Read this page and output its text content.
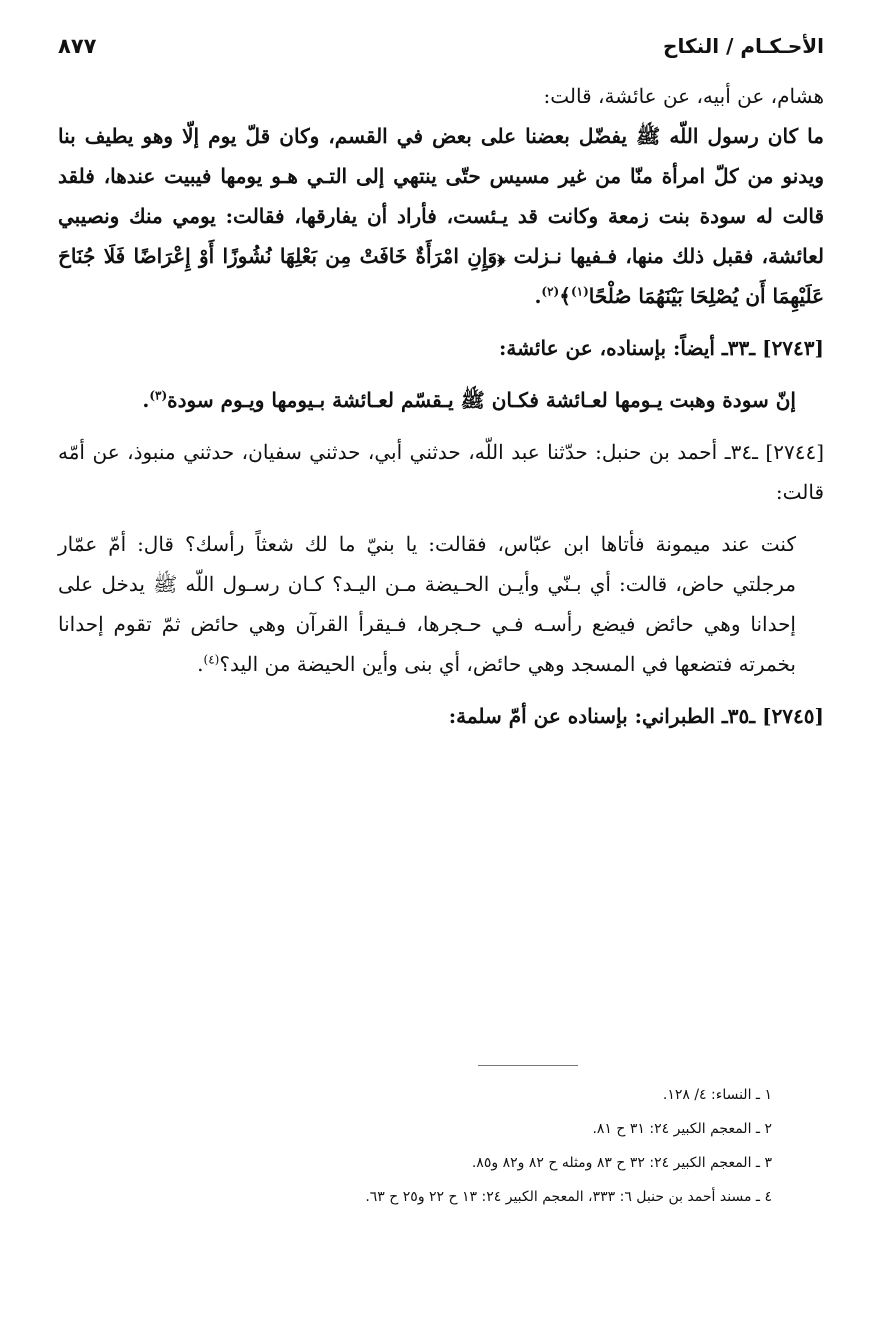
٨٧٧	الأحـكـام / النكاح

هشام، عن أبيه، عن عائشة، قالت:

ما كان رسول اللّه ﷺ يفضّل بعضنا على بعض في القسم، وكان قلّ يوم إلّا وهو يطيف بنا ويدنو من كلّ امرأة منّا من غير مسيس حتّى ينتهي إلى التـي هـو يومها فيبيت عندها، فلقد قالت له سودة بنت زمعة وكانت قد يـئست، فأراد أن يفارقها، فقالت: يومي منك ونصيبي لعائشة، فقبل ذلك منها، فـفيها نـزلت ﴿وَإِنِ امْرَأَةٌ خَافَتْ مِن بَعْلِهَا نُشُوزًا أَوْ إِعْرَاضًا فَلَا جُنَاحَ عَلَيْهِمَا أَن يُصْلِحَا بَيْنَهُمَا صُلْحًا$^{(١)}$﴾$^{(٢)}$.

[٢٧٤٣] ـ٣٣ـ أيضاً: بإسناده، عن عائشة:

إنّ سودة وهبت يـومها لعـائشة فكـان ﷺ يـقسّم لعـائشة بـيومها ويـوم سودة$^{(٣)}$.

[٢٧٤٤] ـ٣٤ـ أحمد بن حنبل: حدّثنا عبد اللّه، حدثني أبي، حدثني سفيان، حدثني منبوذ، عن أمّه قالت:

كنت عند ميمونة فأتاها ابن عبّاس، فقالت: يا بنيّ ما لك شعثاً رأسك؟ قال: أمّ عمّار مرجلتي حاض، قالت: أي بـنّي وأيـن الحـيضة مـن اليـد؟ كـان رسـول اللّه ﷺ يدخل على إحدانا وهي حائض فيضع رأسـه فـي حـجرها، فـيقرأ القرآن وهي حائض ثمّ تقوم إحدانا بخمرته فتضعها في المسجد وهي حائض، أي بنى وأين الحيضة من اليد؟$^{(٤)}$.

[٢٧٤٥] ـ٣٥ـ الطبراني: بإسناده عن أمّ سلمة:

١ ـ النساء: ٤/ ١٢٨.

٢ ـ المعجم الكبير ٢٤: ٣١ ح ٨١.

٣ ـ المعجم الكبير ٢٤: ٣٢ ح ٨٣ ومثله ح ٨٢ و٨٢ و٨٥.

٤ ـ مسند أحمد بن حنبل ٦: ٣٣٣، المعجم الكبير ٢٤: ١٣ ح ٢٢ و٢٥ ح ٦٣.
